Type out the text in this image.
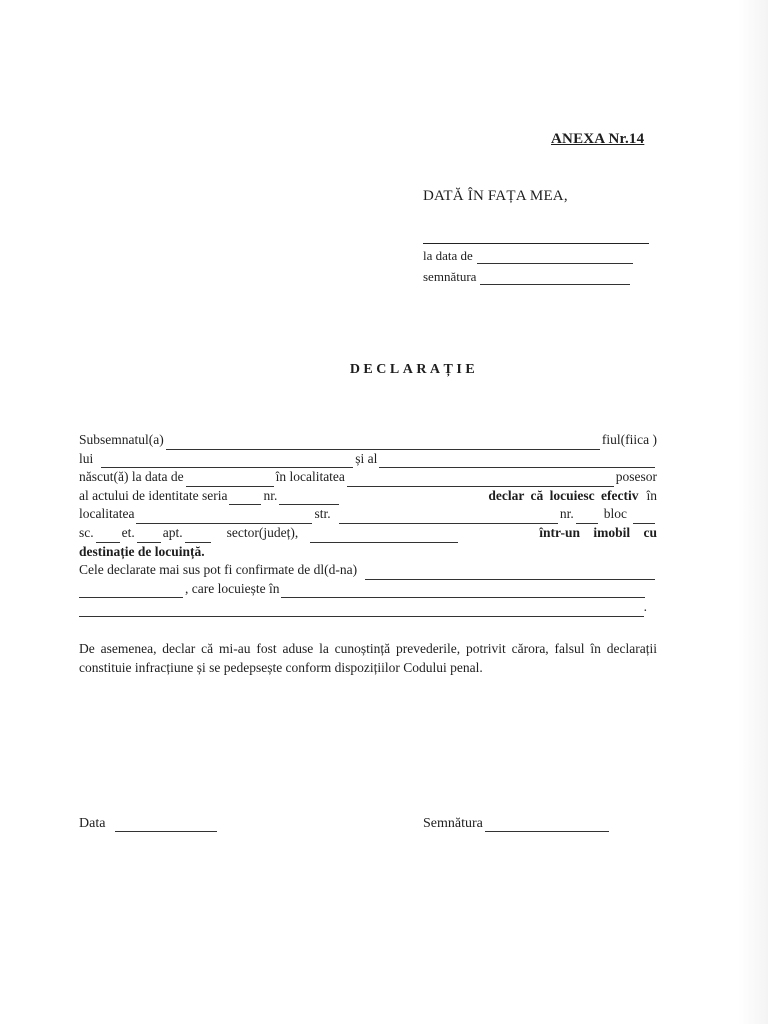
ANEXA Nr.14
DATĂ ÎN FAȚA MEA,
la data de
semnătura
DECLARAȚIE
Subsemnatul(a)	fiul(fiica )
lui	și al
născut(ă) la data de	în localitatea	posesor
al actului de identitate seria	nr.	declar că locuiesc efectiv în
localitatea	str.	nr. bloc
sc. et. apt.	sector(județ),	într-un imobil cu
destinație de locuință.
Cele declarate mai sus pot fi confirmate de dl(d-na)
, care locuiește în
.
De asemenea, declar că mi-au fost aduse la cunoștință prevederile, potrivit cărora, falsul în declarații constituie infracțiune și se pedepsește conform dispozițiilor Codului penal.
Data	Semnătura
